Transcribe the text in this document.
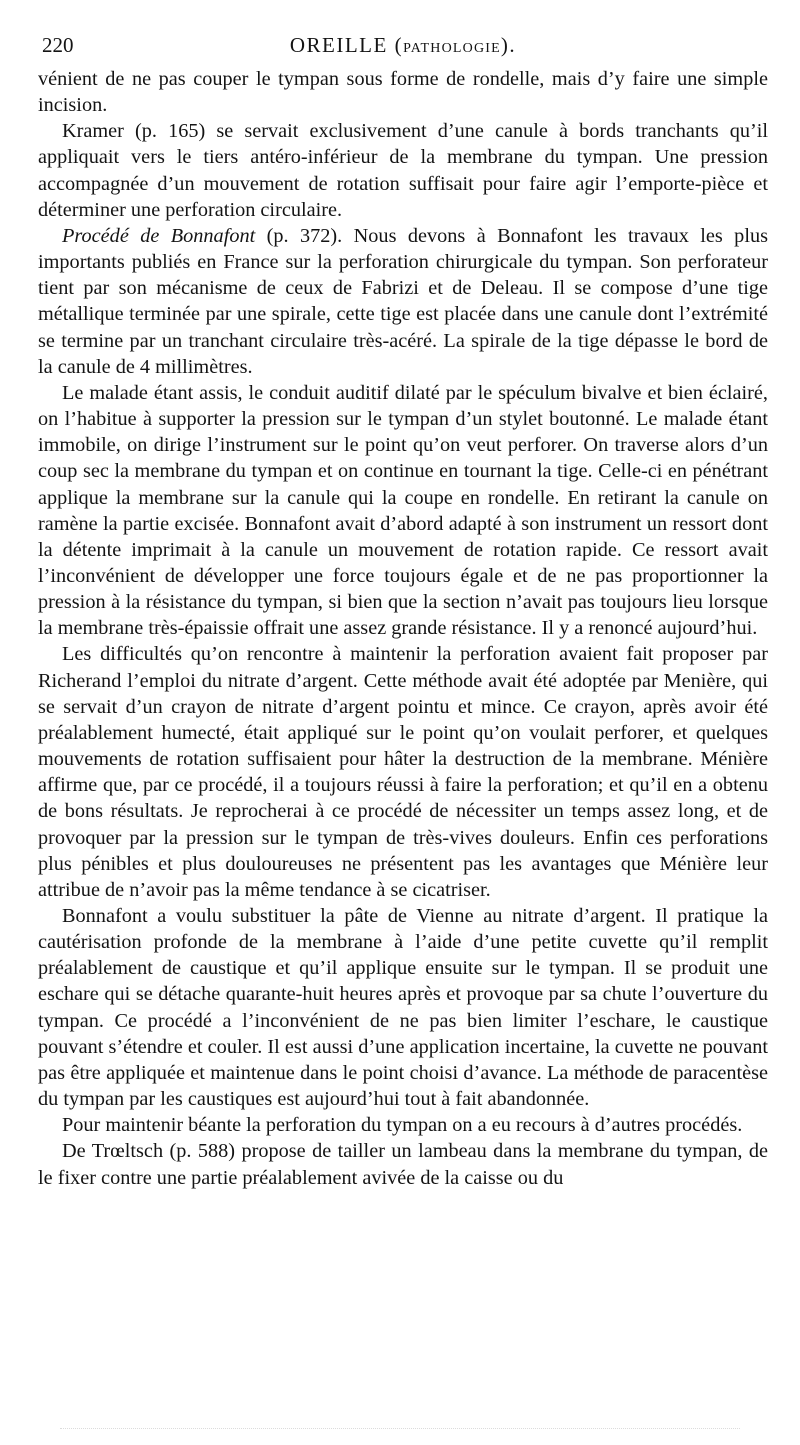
220	OREILLE (PATHOLOGIE).

vénient de ne pas couper le tympan sous forme de rondelle, mais d’y faire une simple incision.

Kramer (p. 165) se servait exclusivement d’une canule à bords tranchants qu’il appliquait vers le tiers antéro-inférieur de la membrane du tympan. Une pression accompagnée d’un mouvement de rotation suffisait pour faire agir l’emporte-pièce et déterminer une perforation circulaire.

Procédé de Bonnafont (p. 372). Nous devons à Bonnafont les travaux les plus importants publiés en France sur la perforation chirurgicale du tympan. Son perforateur tient par son mécanisme de ceux de Fabrizi et de Deleau. Il se compose d’une tige métallique terminée par une spirale, cette tige est placée dans une canule dont l’extrémité se termine par un tranchant circulaire très-acéré. La spirale de la tige dépasse le bord de la canule de 4 millimètres.

Le malade étant assis, le conduit auditif dilaté par le spéculum bivalve et bien éclairé, on l’habitue à supporter la pression sur le tympan d’un stylet boutonné. Le malade étant immobile, on dirige l’instrument sur le point qu’on veut perforer. On traverse alors d’un coup sec la membrane du tympan et on continue en tournant la tige. Celle-ci en pénétrant applique la membrane sur la canule qui la coupe en rondelle. En retirant la canule on ramène la partie excisée. Bonnafont avait d’abord adapté à son instrument un ressort dont la détente imprimait à la canule un mouvement de rotation rapide. Ce ressort avait l’inconvénient de développer une force toujours égale et de ne pas proportionner la pression à la résistance du tympan, si bien que la section n’avait pas toujours lieu lorsque la membrane très-épaissie offrait une assez grande résistance. Il y a renoncé aujourd’hui.

Les difficultés qu’on rencontre à maintenir la perforation avaient fait proposer par Richerand l’emploi du nitrate d’argent. Cette méthode avait été adoptée par Menière, qui se servait d’un crayon de nitrate d’argent pointu et mince. Ce crayon, après avoir été préalablement humecté, était appliqué sur le point qu’on voulait perforer, et quelques mouvements de rotation suffisaient pour hâter la destruction de la membrane. Ménière affirme que, par ce procédé, il a toujours réussi à faire la perforation; et qu’il en a obtenu de bons résultats. Je reprocherai à ce procédé de nécessiter un temps assez long, et de provoquer par la pression sur le tympan de très-vives douleurs. Enfin ces perforations plus pénibles et plus douloureuses ne présentent pas les avantages que Ménière leur attribue de n’avoir pas la même tendance à se cicatriser.

Bonnafont a voulu substituer la pâte de Vienne au nitrate d’argent. Il pratique la cautérisation profonde de la membrane à l’aide d’une petite cuvette qu’il remplit préalablement de caustique et qu’il applique ensuite sur le tympan. Il se produit une eschare qui se détache quarante-huit heures après et provoque par sa chute l’ouverture du tympan. Ce procédé a l’inconvénient de ne pas bien limiter l’eschare, le caustique pouvant s’étendre et couler. Il est aussi d’une application incertaine, la cuvette ne pouvant pas être appliquée et maintenue dans le point choisi d’avance. La méthode de paracentèse du tympan par les caustiques est aujourd’hui tout à fait abandonnée.

Pour maintenir béante la perforation du tympan on a eu recours à d’autres procédés.

De Trœltsch (p. 588) propose de tailler un lambeau dans la membrane du tympan, de le fixer contre une partie préalablement avivée de la caisse ou du
